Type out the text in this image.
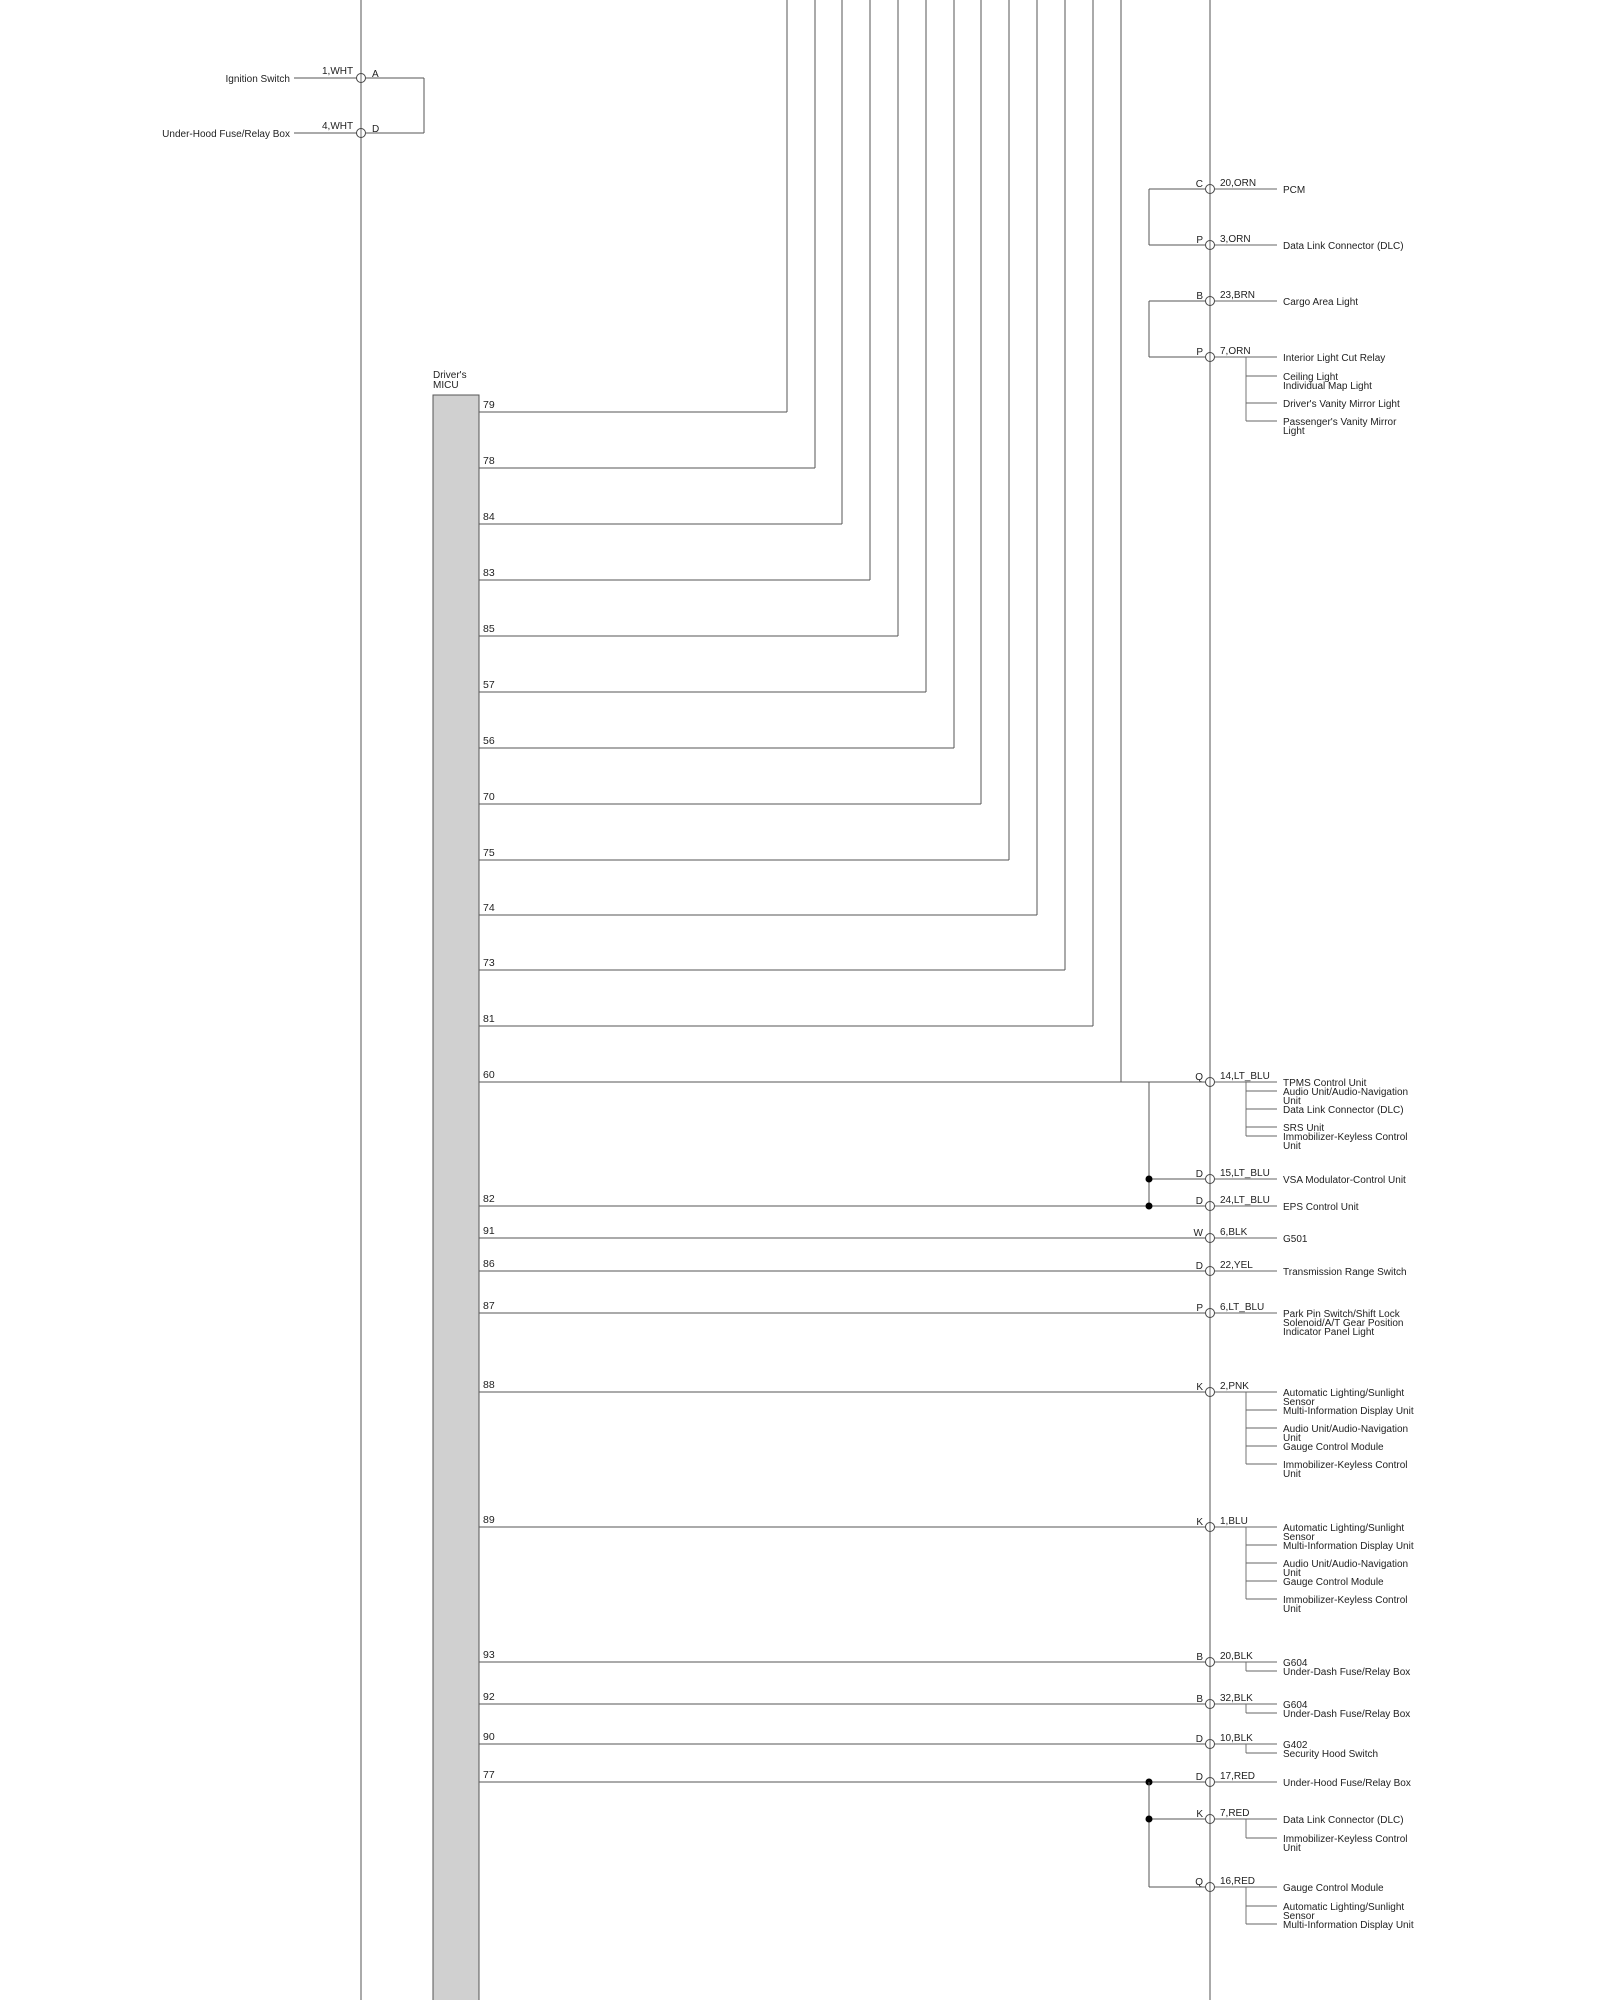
Driver's
MICU
Ignition Switch
1,WHT A
Under-Hood Fuse/Relay Box
4,WHT D
79
78
84
83
85
57
56
70
75
74
73
81
60
C 20,ORN
PCM
P 3,ORN
Data Link Connector (DLC)
B 23,BRN
Cargo Area Light
P 7,ORN
Interior Light Cut Relay
Ceiling Light
Individual Map Light
Driver's Vanity Mirror Light
Passenger's Vanity Mirror
Light
Q 14,LT_BLU
TPMS Control Unit
Audio Unit/Audio-Navigation
Unit
Data Link Connector (DLC)
SRS Unit
Immobilizer-Keyless Control
Unit
D 15,LT_BLU
VSA Modulator-Control Unit
D 24,LT_BLU
EPS Control Unit
82
91	W 6,BLK
G501
86	D 22,YEL
Transmission Range Switch
87	P 6,LT_BLU
Park Pin Switch/Shift Lock
Solenoid/A/T Gear Position
Indicator Panel Light
88	K 2,PNK
Automatic Lighting/Sunlight
Sensor
Multi-Information Display Unit
Audio Unit/Audio-Navigation
Unit
Gauge Control Module
Immobilizer-Keyless Control
Unit
89	K 1,BLU
Automatic Lighting/Sunlight
Sensor
Multi-Information Display Unit
Audio Unit/Audio-Navigation
Unit
Gauge Control Module
Immobilizer-Keyless Control
Unit
93	B 20,BLK
G604
Under-Dash Fuse/Relay Box
92	B 32,BLK
G604
Under-Dash Fuse/Relay Box
90	D 10,BLK
G402
Security Hood Switch
D 17,RED
Under-Hood Fuse/Relay Box
K 7,RED
Data Link Connector (DLC)
Immobilizer-Keyless Control
Unit
Q 16,RED
Gauge Control Module
Automatic Lighting/Sunlight
Sensor
Multi-Information Display Unit
77
